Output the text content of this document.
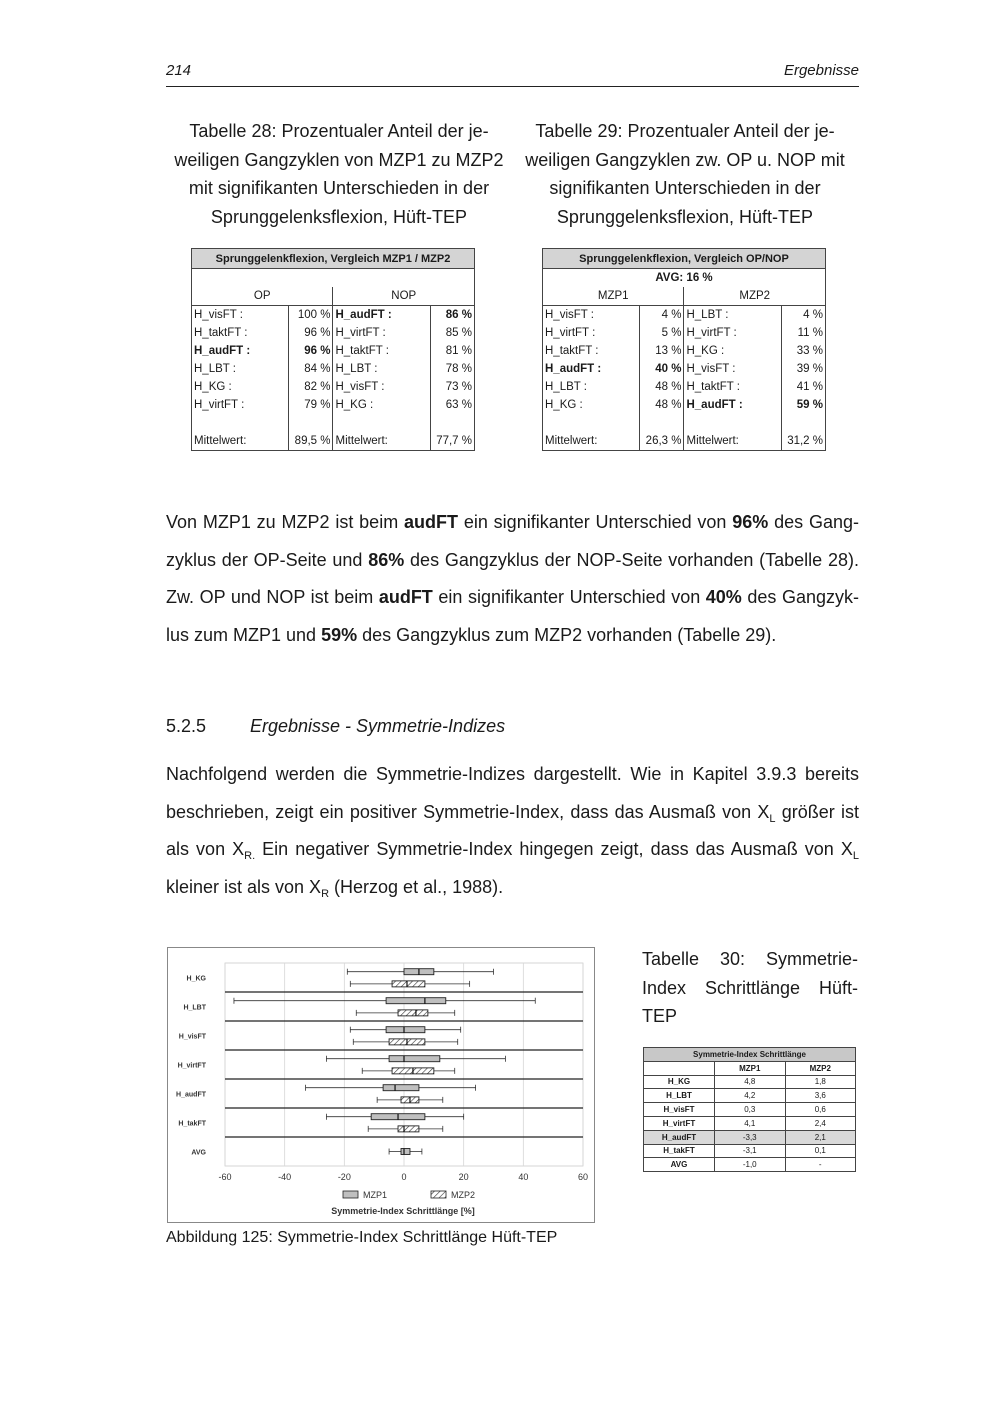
214	Ergebnisse
Tabelle 28: Prozentualer Anteil der je-
weiligen Gangzyklen von MZP1 zu MZP2
mit signifikanten Unterschieden in der
Sprunggelenksflexion, Hüft-TEP
Tabelle 29: Prozentualer Anteil der je-
weiligen Gangzyklen zw. OP u. NOP mit
signifikanten Unterschieden in der
Sprunggelenksflexion, Hüft-TEP
Sprunggelenkflexion, Vergleich MZP1 / MZP2			

OP		NOP	
H_visFT :	100 %	H_audFT :	86 %
H_taktFT :	96 %	H_virtFT :	85 %
H_audFT :	96 %	H_taktFT :	81 %
H_LBT :	84 %	H_LBT :	78 %
H_KG :	82 %	H_visFT :	73 %
H_virtFT :	79 %	H_KG :	63 %

Mittelwert:	89,5 %	Mittelwert:	77,7 %
Sprunggelenkflexion, Vergleich OP/NOP			
AVG: 16 %			
MZP1		MZP2	
H_visFT :	4 %	H_LBT :	4 %
H_virtFT :	5 %	H_virtFT :	11 %
H_taktFT :	13 %	H_KG :	33 %
H_audFT :	40 %	H_visFT :	39 %
H_LBT :	48 %	H_taktFT :	41 %
H_KG :	48 %	H_audFT :	59 %

Mittelwert:	26,3 %	Mittelwert:	31,2 %
Von MZP1 zu MZP2 ist beim audFT ein signifikanter Unterschied von 96% des Gang-zyklus der OP-Seite und 86% des Gangzyklus der NOP-Seite vorhanden (Tabelle 28). Zw. OP und NOP ist beim audFT ein signifikanter Unterschied von 40% des Gangzyk-lus zum MZP1 und 59% des Gangzyklus zum MZP2 vorhanden (Tabelle 29).
5.2.5 Ergebnisse - Symmetrie-Indizes
Nachfolgend werden die Symmetrie-Indizes dargestellt. Wie in Kapitel 3.9.3 bereits beschrieben, zeigt ein positiver Symmetrie-Index, dass das Ausmaß von $X_L$ größer ist als von $X_{R.}$ Ein negativer Symmetrie-Index hingegen zeigt, dass das Ausmaß von $X_L$ kleiner ist als von $X_R$ (Herzog et al., 1988).
-60	-40	-20	0	20	40	60
H_KG
H_LBT
H_visFT
H_virtFT
H_audFT
H_takFT
AVG
MZP1	MZP2
Symmetrie-Index Schrittlänge [%]
Abbildung 125: Symmetrie-Index Schrittlänge Hüft-TEP
Tabelle 30: Symmetrie-Index Schrittlänge Hüft-TEP
Symmetrie-Index Schrittlänge		
	MZP1	MZP2
H_KG	4,8	1,8
H_LBT	4,2	3,6
H_visFT	0,3	0,6
H_virtFT	4,1	2,4
H_audFT	-3,3	2,1
H_takFT	-3,1	0,1
AVG	-1,0	-
